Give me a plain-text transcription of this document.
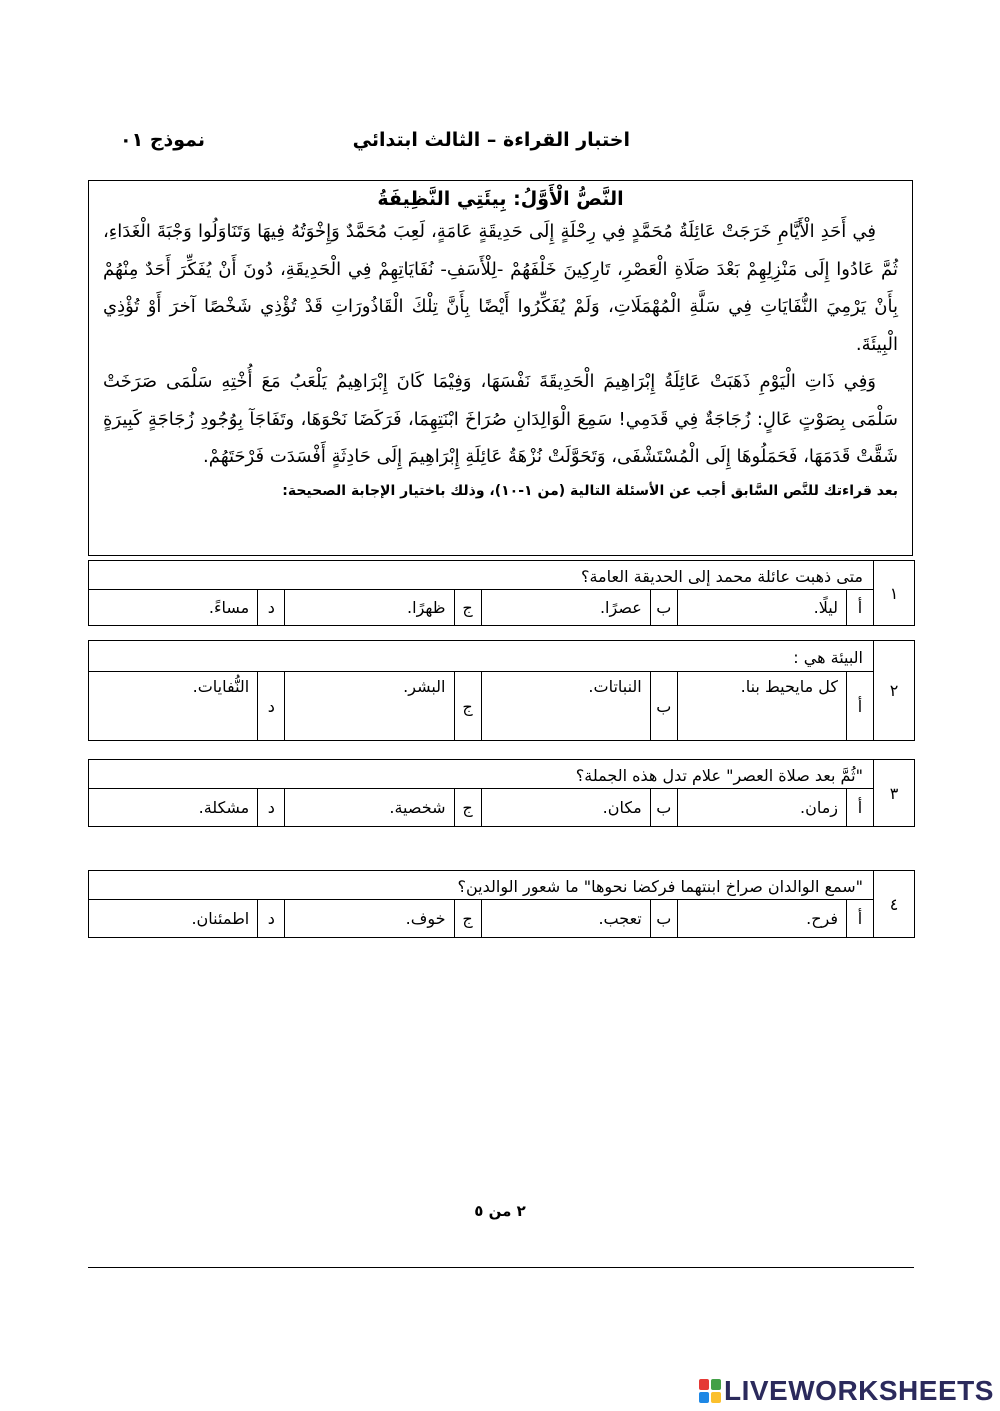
اختبار القراءة – الثالث ابتدائي
نموذج ٠١
النَّصُّ الْأَوَّلُ: بِيئَتِي النَّظِيفَةُ

فِي أَحَدِ الْأَيَّامِ خَرَجَتْ عَائِلَةُ مُحَمَّدٍ فِي رِحْلَةٍ إِلَى حَدِيقَةٍ عَامَةٍ، لَعِبَ مُحَمَّدٌ وَإِخْوَتُهُ فِيهَا وَتَنَاوَلُوا وَجْبَةَ الْغَدَاءِ، ثُمَّ عَادُوا إِلَى مَنْزِلِهِمْ بَعْدَ صَلَاةِ الْعَصْرِ، تَارِكِينَ خَلْفَهُمْ -لِلْأَسَفِ- نُفَايَاتِهِمْ فِي الْحَدِيقَةِ، دُونَ أَنْ يُفَكِّرَ أَحَدٌ مِنْهُمْ بِأَنْ يَرْمِيَ النُّفَايَاتِ فِي سَلَّةِ الْمُهْمَلَاتِ، وَلَمْ يُفَكِّرُوا أَيْضًا بِأَنَّ تِلْكَ الْقَاذُورَاتِ قَدْ تُؤْذِي شَخْصًا آخرَ أَوْ تُؤْذِي الْبِيئَةَ.

وَفِي ذَاتِ الْيَوْمِ ذَهَبَتْ عَائِلَةُ إِبْرَاهِيمَ الْحَدِيقَةَ نَفْسَهَا، وَفِيْمَا كَانَ إِبْرَاهِيمُ يَلْعَبُ مَعَ أُخْتِهِ سَلْمَى صَرَخَتْ سَلْمَى بِصَوْتٍ عَالٍ: زُجَاجَةٌ فِي قَدَمِي! سَمِعَ الْوَالِدَانِ صُرَاخَ ابْنَتِهِمَا، فَرَكَضَا نَحْوَهَا، وتَفَاجَآ بِوُجُودِ زُجَاجَةٍ كَبِيرَةٍ شَقَّتْ قَدَمَهَا، فَحَمَلُوهَا إِلَى الْمُسْتَشْفَى، وَتَحَوَّلَتْ نُزْهَةُ عَائِلَةِ إِبْرَاهِيمَ إِلَى حَادِثَةٍ أَفْسَدَت فَرْحَتَهُمْ.

بعد قراءتك للنَّص السَّابق أجب عن الأسئلة التالية (من ١-١٠)، وذلك باختيار الإجابة الصحيحة:
١
متى ذهبت عائلة محمد إلى الحديقة العامة؟
أ
ليلًا.
ب
عصرًا.
ج
ظهرًا.
د
مساءً.
٢
البيئة هي :
أ
كل مايحيط بنا.
ب
النباتات.
ج
البشر.
د
النُّفايات.
٣
"ثُمَّ بعد صلاة العصر" علام تدل هذه الجملة؟
أ
زمان.
ب
مكان.
ج
شخصية.
د
مشكلة.
٤
"سمع الوالدان صراخ ابنتهما فركضا نحوها" ما شعور الوالدين؟
أ
فرح.
ب
تعجب.
ج
خوف.
د
اطمئنان.
٢ من ٥
LIVEWORKSHEETS
